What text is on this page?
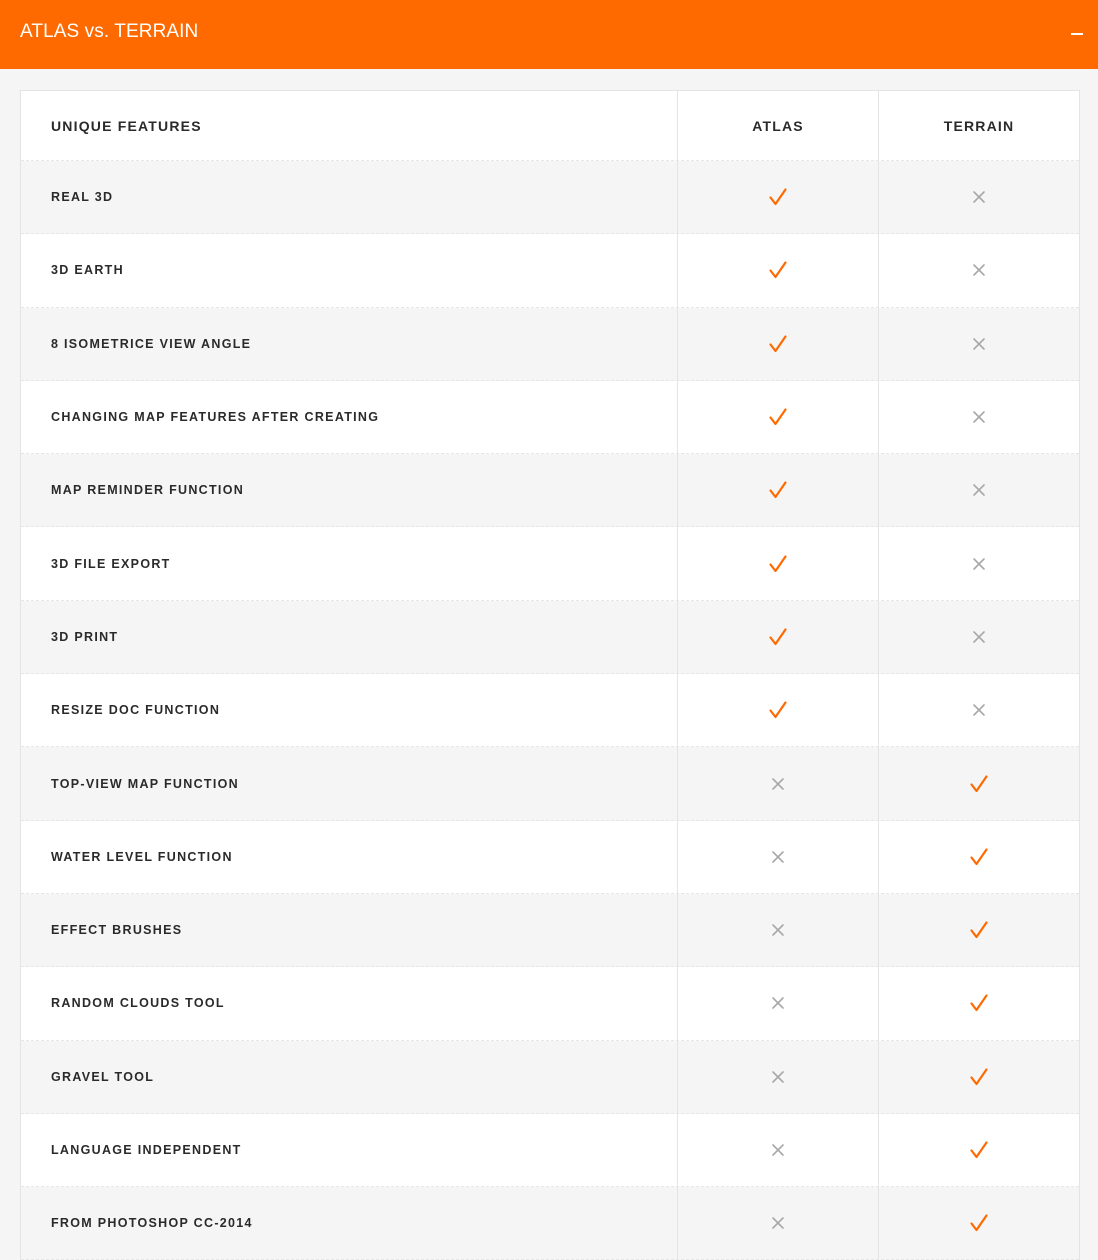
ATLAS vs. TERRAIN
UNIQUE FEATURES	ATLAS	TERRAIN
REAL 3D
3D EARTH
8 ISOMETRICE VIEW ANGLE
CHANGING MAP FEATURES AFTER CREATING
MAP REMINDER FUNCTION
3D FILE EXPORT
3D PRINT
RESIZE DOC FUNCTION
TOP-VIEW MAP FUNCTION
WATER LEVEL FUNCTION
EFFECT BRUSHES
RANDOM CLOUDS TOOL
GRAVEL TOOL
LANGUAGE INDEPENDENT
FROM PHOTOSHOP CC-2014
